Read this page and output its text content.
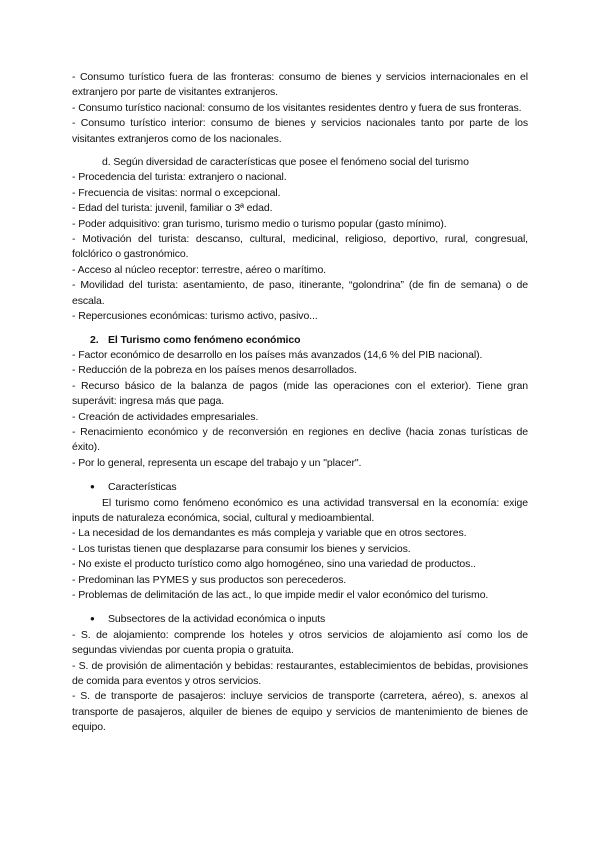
- Consumo turístico fuera de las fronteras: consumo de bienes y servicios internacionales en el extranjero por parte de visitantes extranjeros.

- Consumo turístico nacional: consumo de los visitantes residentes dentro y fuera de sus fronteras.

- Consumo turístico interior: consumo de bienes y servicios nacionales tanto por parte de los visitantes extranjeros como de los nacionales.

d. Según diversidad de características que posee el fenómeno social del turismo

- Procedencia del turista: extranjero o nacional.

- Frecuencia de visitas: normal o excepcional.

- Edad del turista: juvenil, familiar o 3ª edad.

- Poder adquisitivo: gran turismo, turismo medio o turismo popular (gasto mínimo).

- Motivación del turista: descanso, cultural, medicinal, religioso, deportivo, rural, congresual, folclórico o gastronómico.

- Acceso al núcleo receptor: terrestre, aéreo o marítimo.

- Movilidad del turista: asentamiento, de paso, itinerante, “golondrina” (de fin de semana) o de escala.

- Repercusiones económicas: turismo activo, pasivo...

2. El Turismo como fenómeno económico

- Factor económico de desarrollo en los países más avanzados (14,6 % del PIB nacional).

- Reducción de la pobreza en los países menos desarrollados.

- Recurso básico de la balanza de pagos (mide las operaciones con el exterior). Tiene gran superávit: ingresa más que paga.

- Creación de actividades empresariales.

- Renacimiento económico y de reconversión en regiones en declive (hacia zonas turísticas de éxito).

- Por lo general, representa un escape del trabajo y un "placer".

● Características

El turismo como fenómeno económico es una actividad transversal en la economía: exige inputs de naturaleza económica, social, cultural y medioambiental.

- La necesidad de los demandantes es más compleja y variable que en otros sectores.

- Los turistas tienen que desplazarse para consumir los bienes y servicios.

- No existe el producto turístico como algo homogéneo, sino una variedad de productos..

- Predominan las PYMES y sus productos son perecederos.

- Problemas de delimitación de las act., lo que impide medir el valor económico del turismo.

● Subsectores de la actividad económica o inputs

- S. de alojamiento: comprende los hoteles y otros servicios de alojamiento así como los de segundas viviendas por cuenta propia o gratuita.

- S. de provisión de alimentación y bebidas: restaurantes, establecimientos de bebidas, provisiones de comida para eventos y otros servicios.

- S. de transporte de pasajeros: incluye servicios de transporte (carretera, aéreo), s. anexos al transporte de pasajeros, alquiler de bienes de equipo y servicios de mantenimiento de bienes de equipo.
